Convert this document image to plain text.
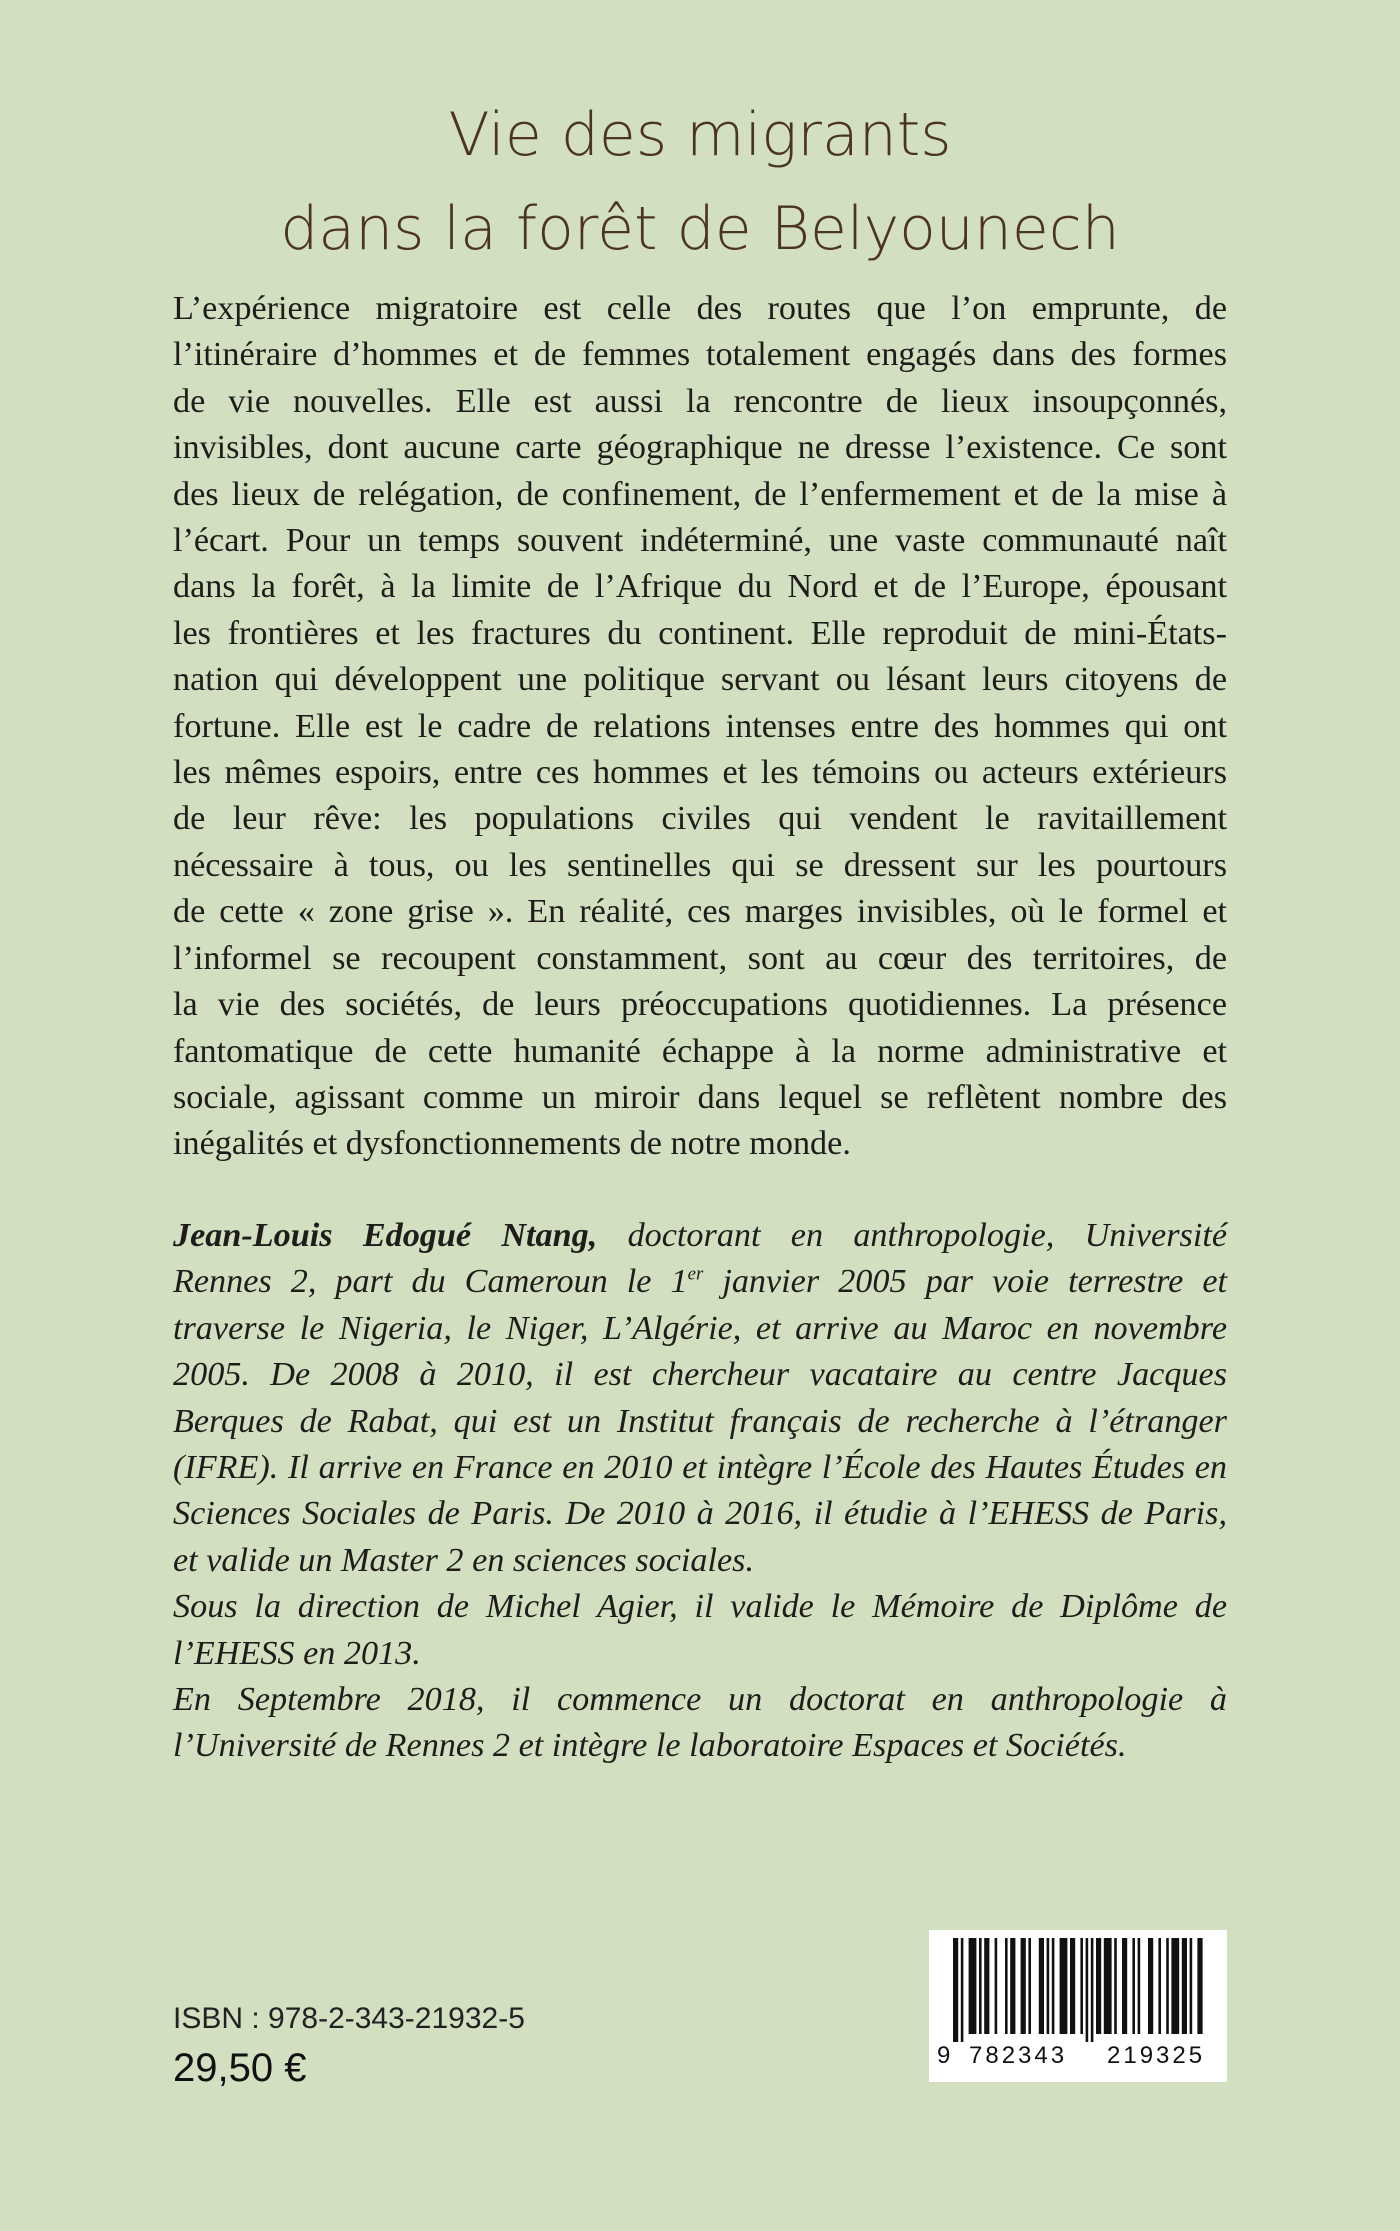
Vie des migrants
dans la forêt de Belyounech
L’expérience migratoire est celle des routes que l’on emprunte, de
l’itinéraire d’hommes et de femmes totalement engagés dans des formes
de vie nouvelles. Elle est aussi la rencontre de lieux insoupçonnés,
invisibles, dont aucune carte géographique ne dresse l’existence. Ce sont
des lieux de relégation, de confinement, de l’enfermement et de la mise à
l’écart. Pour un temps souvent indéterminé, une vaste communauté naît
dans la forêt, à la limite de l’Afrique du Nord et de l’Europe, épousant
les frontières et les fractures du continent. Elle reproduit de mini-États-
nation qui développent une politique servant ou lésant leurs citoyens de
fortune. Elle est le cadre de relations intenses entre des hommes qui ont
les mêmes espoirs, entre ces hommes et les témoins ou acteurs extérieurs
de leur rêve: les populations civiles qui vendent le ravitaillement
nécessaire à tous, ou les sentinelles qui se dressent sur les pourtours
de cette « zone grise ». En réalité, ces marges invisibles, où le formel et
l’informel se recoupent constamment, sont au cœur des territoires, de
la vie des sociétés, de leurs préoccupations quotidiennes. La présence
fantomatique de cette humanité échappe à la norme administrative et
sociale, agissant comme un miroir dans lequel se reflètent nombre des
inégalités et dysfonctionnements de notre monde.
Jean-Louis Edogué Ntang, doctorant en anthropologie, Université
Rennes 2, part du Cameroun le 1er janvier 2005 par voie terrestre et
traverse le Nigeria, le Niger, L’Algérie, et arrive au Maroc en novembre
2005. De 2008 à 2010, il est chercheur vacataire au centre Jacques
Berques de Rabat, qui est un Institut français de recherche à l’étranger
(IFRE). Il arrive en France en 2010 et intègre l’École des Hautes Études en
Sciences Sociales de Paris. De 2010 à 2016, il étudie à l’EHESS de Paris,
et valide un Master 2 en sciences sociales.
Sous la direction de Michel Agier, il valide le Mémoire de Diplôme de
l’EHESS en 2013.
En Septembre 2018, il commence un doctorat en anthropologie à
l’Université de Rennes 2 et intègre le laboratoire Espaces et Sociétés.
ISBN : 978-2-343-21932-5
29,50 €	9 782343 219325
